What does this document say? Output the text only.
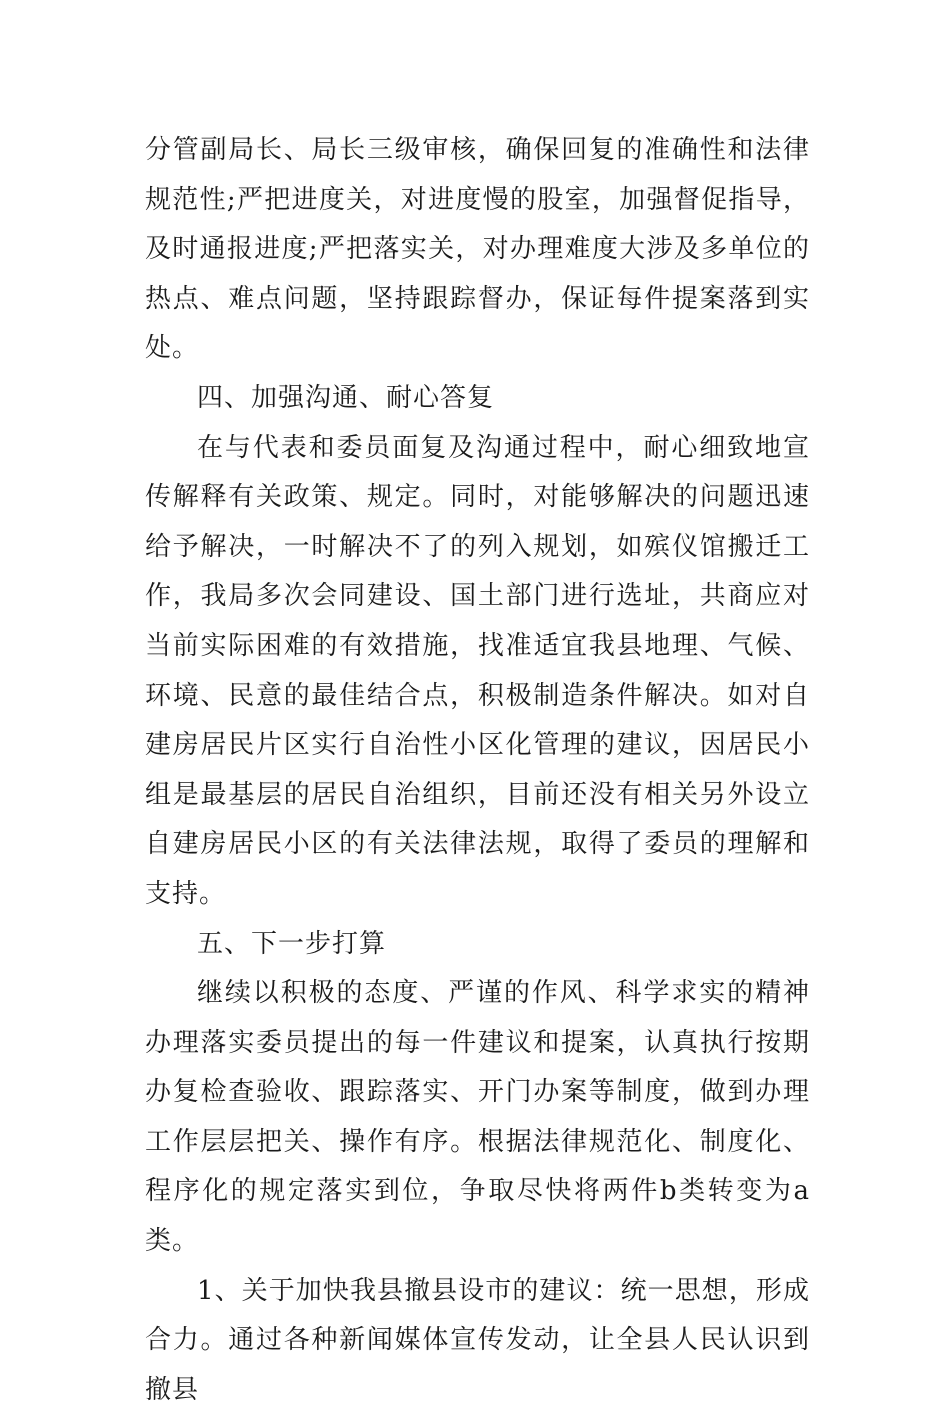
分管副局长、局长三级审核，确保回复的准确性和法律规范性;严把进度关，对进度慢的股室，加强督促指导，及时通报进度;严把落实关，对办理难度大涉及多单位的热点、难点问题，坚持跟踪督办，保证每件提案落到实处。

四、加强沟通、耐心答复

在与代表和委员面复及沟通过程中，耐心细致地宣传解释有关政策、规定。同时，对能够解决的问题迅速给予解决，一时解决不了的列入规划，如殡仪馆搬迁工作，我局多次会同建设、国土部门进行选址，共商应对当前实际困难的有效措施，找准适宜我县地理、气候、环境、民意的最佳结合点，积极制造条件解决。如对自建房居民片区实行自治性小区化管理的建议，因居民小组是最基层的居民自治组织，目前还没有相关另外设立自建房居民小区的有关法律法规，取得了委员的理解和支持。

五、下一步打算

继续以积极的态度、严谨的作风、科学求实的精神办理落实委员提出的每一件建议和提案，认真执行按期办复检查验收、跟踪落实、开门办案等制度，做到办理工作层层把关、操作有序。根据法律规范化、制度化、程序化的规定落实到位，争取尽快将两件b类转变为a类。

1、关于加快我县撤县设市的建议：统一思想，形成合力。通过各种新闻媒体宣传发动，让全县人民认识到撤县
